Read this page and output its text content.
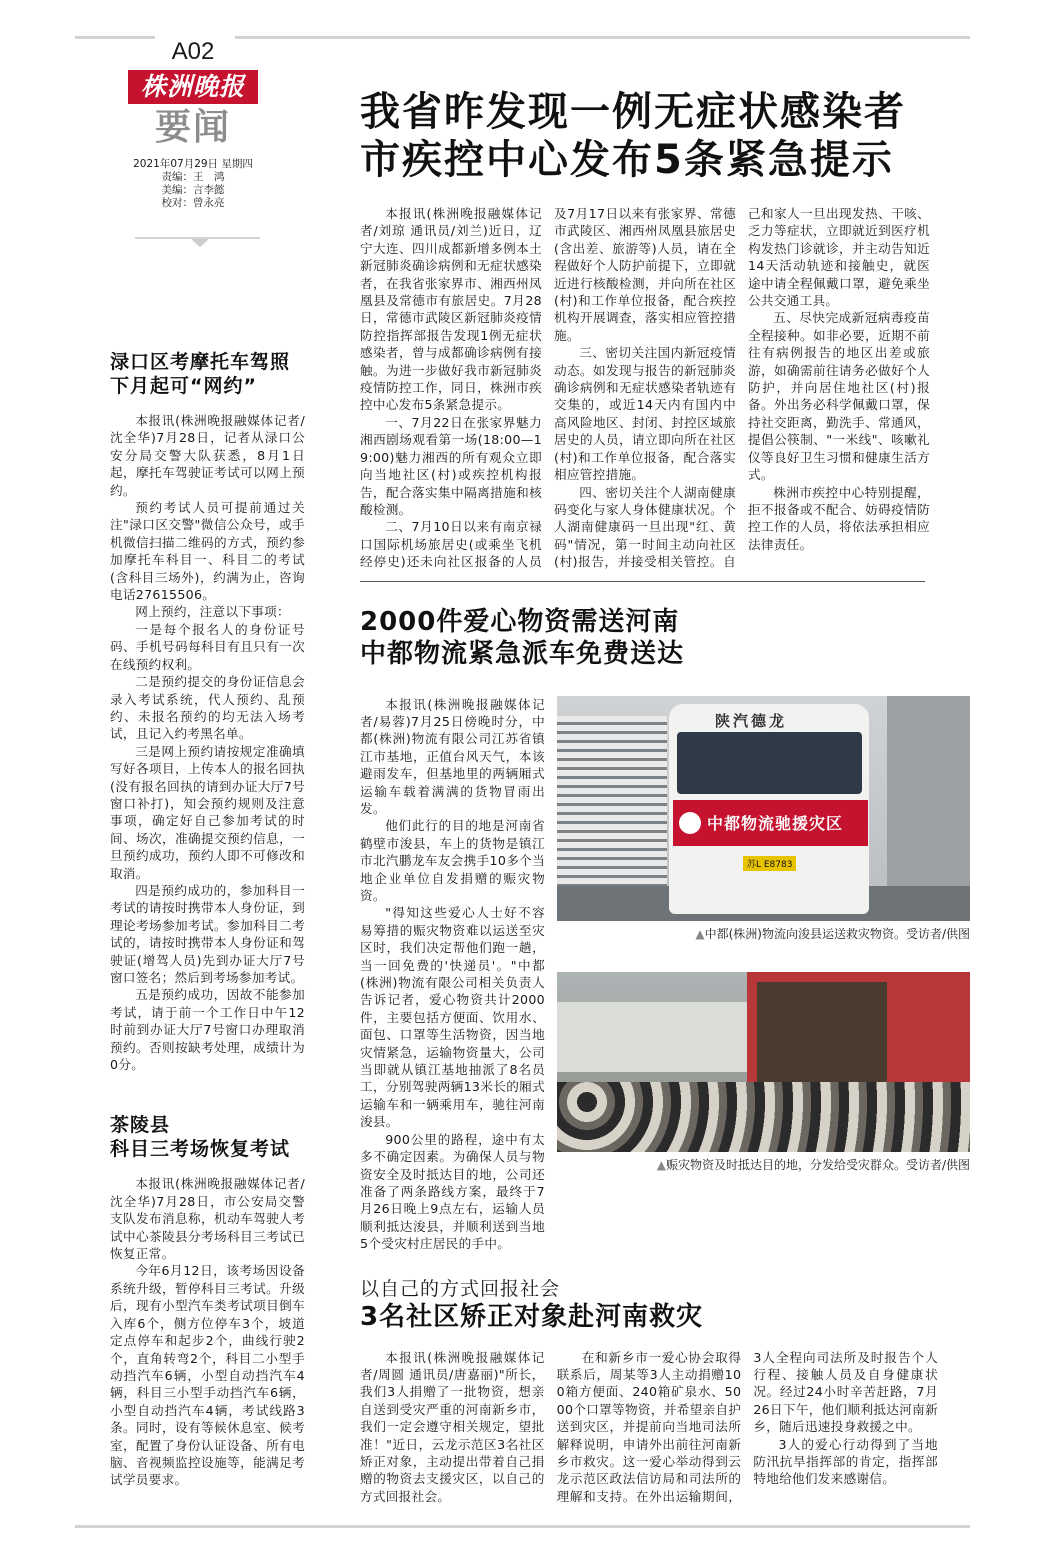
A02
株洲晚报
要闻
2021年07月29日 星期四
责编：王　鸿
美编：言李懿
校对：曾永亮
渌口区考摩托车驾照
下月起可“网约”

本报讯(株洲晚报融媒体记者/沈全华)7月28日，记者从渌口公安分局交警大队获悉，8月1日起，摩托车驾驶证考试可以网上预约。

预约考试人员可提前通过关注"渌口区交警"微信公众号，或手机微信扫描二维码的方式，预约参加摩托车科目一、科目二的考试(含科目三场外)，约满为止，咨询电话27615506。

网上预约，注意以下事项：

一是每个报名人的身份证号码、手机号码每科目有且只有一次在线预约权利。

二是预约提交的身份证信息会录入考试系统，代人预约、乱预约、未报名预约的均无法入场考试，且记入约考黑名单。

三是网上预约请按规定准确填写好各项目，上传本人的报名回执(没有报名回执的请到办证大厅7号窗口补打)，知会预约规则及注意事项，确定好自己参加考试的时间、场次，准确提交预约信息，一旦预约成功，预约人即不可修改和取消。

四是预约成功的，参加科目一考试的请按时携带本人身份证，到理论考场参加考试。参加科目二考试的，请按时携带本人身份证和驾驶证(增驾人员)先到办证大厅7号窗口签名；然后到考场参加考试。

五是预约成功，因故不能参加考试，请于前一个工作日中午12时前到办证大厅7号窗口办理取消预约。否则按缺考处理，成绩计为0分。

茶陵县
科目三考场恢复考试

本报讯(株洲晚报融媒体记者/沈全华)7月28日，市公安局交警支队发布消息称，机动车驾驶人考试中心茶陵县分考场科目三考试已恢复正常。

今年6月12日，该考场因设备系统升级，暂停科目三考试。升级后，现有小型汽车类考试项目倒车入库6个，侧方位停车3个，坡道定点停车和起步2个，曲线行驶2个，直角转弯2个，科目二小型手动挡汽车6辆，小型自动挡汽车4辆，科目三小型手动挡汽车6辆，小型自动挡汽车4辆，考试线路3条。同时，设有等候休息室、候考室，配置了身份认证设备、所有电脑、音视频监控设施等，能满足考试学员要求。

我省昨发现一例无症状感染者
市疾控中心发布5条紧急提示

本报讯(株洲晚报融媒体记者/刘琼 通讯员/刘兰)近日，辽宁大连、四川成都新增多例本土新冠肺炎确诊病例和无症状感染者，在我省张家界市、湘西州凤凰县及常德市有旅居史。7月28日，常德市武陵区新冠肺炎疫情防控指挥部报告发现1例无症状感染者，曾与成都确诊病例有接触。为进一步做好我市新冠肺炎疫情防控工作，同日，株洲市疾控中心发布5条紧急提示。

一、7月22日在张家界魅力湘西剧场观看第一场(18:00—19:00)魅力湘西的所有观众立即向当地社区(村)或疾控机构报告，配合落实集中隔离措施和核酸检测。

二、7月10日以来有南京禄口国际机场旅居史(或乘坐飞机经停史)还未向社区报备的人员及7月17日以来有张家界、常德市武陵区、湘西州凤凰县旅居史(含出差、旅游等)人员，请在全程做好个人防护前提下，立即就近进行核酸检测，并向所在社区(村)和工作单位报备，配合疾控机构开展调查，落实相应管控措施。

三、密切关注国内新冠疫情动态。如发现与报告的新冠肺炎确诊病例和无症状感染者轨迹有交集的，或近14天内有国内中高风险地区、封闭、封控区域旅居史的人员，请立即向所在社区(村)和工作单位报备，配合落实相应管控措施。

四、密切关注个人湖南健康码变化与家人身体健康状况。个人湖南健康码一旦出现"红、黄码"情况，第一时间主动向社区(村)报告，并接受相关管控。自己和家人一旦出现发热、干咳、乏力等症状，立即就近到医疗机构发热门诊就诊，并主动告知近14天活动轨迹和接触史，就医途中请全程佩戴口罩，避免乘坐公共交通工具。

五、尽快完成新冠病毒疫苗全程接种。如非必要，近期不前往有病例报告的地区出差或旅游，如确需前往请务必做好个人防护，并向居住地社区(村)报备。外出务必科学佩戴口罩，保持社交距离，勤洗手、常通风，提倡公筷制、"一米线"、咳嗽礼仪等良好卫生习惯和健康生活方式。

株洲市疾控中心特别提醒，拒不报备或不配合、妨碍疫情防控工作的人员，将依法承担相应法律责任。

2000件爱心物资需送河南
中都物流紧急派车免费送达

本报讯(株洲晚报融媒体记者/易蓉)7月25日傍晚时分，中都(株洲)物流有限公司江苏省镇江市基地，正值台风天气，本该避雨发车，但基地里的两辆厢式运输车载着满满的货物冒雨出发。

他们此行的目的地是河南省鹤壁市浚县，车上的货物是镇江市北汽鹏龙车友会携手10多个当地企业单位自发捐赠的赈灾物资。

"得知这些爱心人士好不容易筹措的赈灾物资难以运送至灾区时，我们决定帮他们跑一趟，当一回免费的'快递员'。"中都(株洲)物流有限公司相关负责人告诉记者，爱心物资共计2000件，主要包括方便面、饮用水、面包、口罩等生活物资，因当地灾情紧急，运输物资量大，公司当即就从镇江基地抽派了8名员工，分别驾驶两辆13米长的厢式运输车和一辆乘用车，驰往河南浚县。

900公里的路程，途中有太多不确定因素。为确保人员与物资安全及时抵达目的地，公司还准备了两条路线方案，最终于7月26日晚上9点左右，运输人员顺利抵达浚县，并顺利送到当地5个受灾村庄居民的手中。

陕汽德龙
中都物流驰援灾区
苏L E8783
▲ 中都(株洲)物流向浚县运送救灾物资。受访者/供图
▲ 赈灾物资及时抵达目的地，分发给受灾群众。受访者/供图
以自己的方式回报社会
3名社区矫正对象赴河南救灾

本报讯(株洲晚报融媒体记者/周圆 通讯员/唐嘉丽)"所长，我们3人捐赠了一批物资，想亲自送到受灾严重的河南新乡市，我们一定会遵守相关规定，望批准！"近日，云龙示范区3名社区矫正对象，主动提出带着自己捐赠的物资去支援灾区，以自己的方式回报社会。

在和新乡市一爱心协会取得联系后，周某等3人主动捐赠100箱方便面、240箱矿泉水、5000个口罩等物资，并希望亲自护送到灾区，并提前向当地司法所解释说明，申请外出前往河南新乡市救灾。这一爱心举动得到云龙示范区政法信访局和司法所的理解和支持。在外出运输期间，3人全程向司法所及时报告个人行程、接触人员及自身健康状况。经过24小时辛苦赶路，7月26日下午，他们顺利抵达河南新乡，随后迅速投身救援之中。

3人的爱心行动得到了当地防汛抗旱指挥部的肯定，指挥部特地给他们发来感谢信。
